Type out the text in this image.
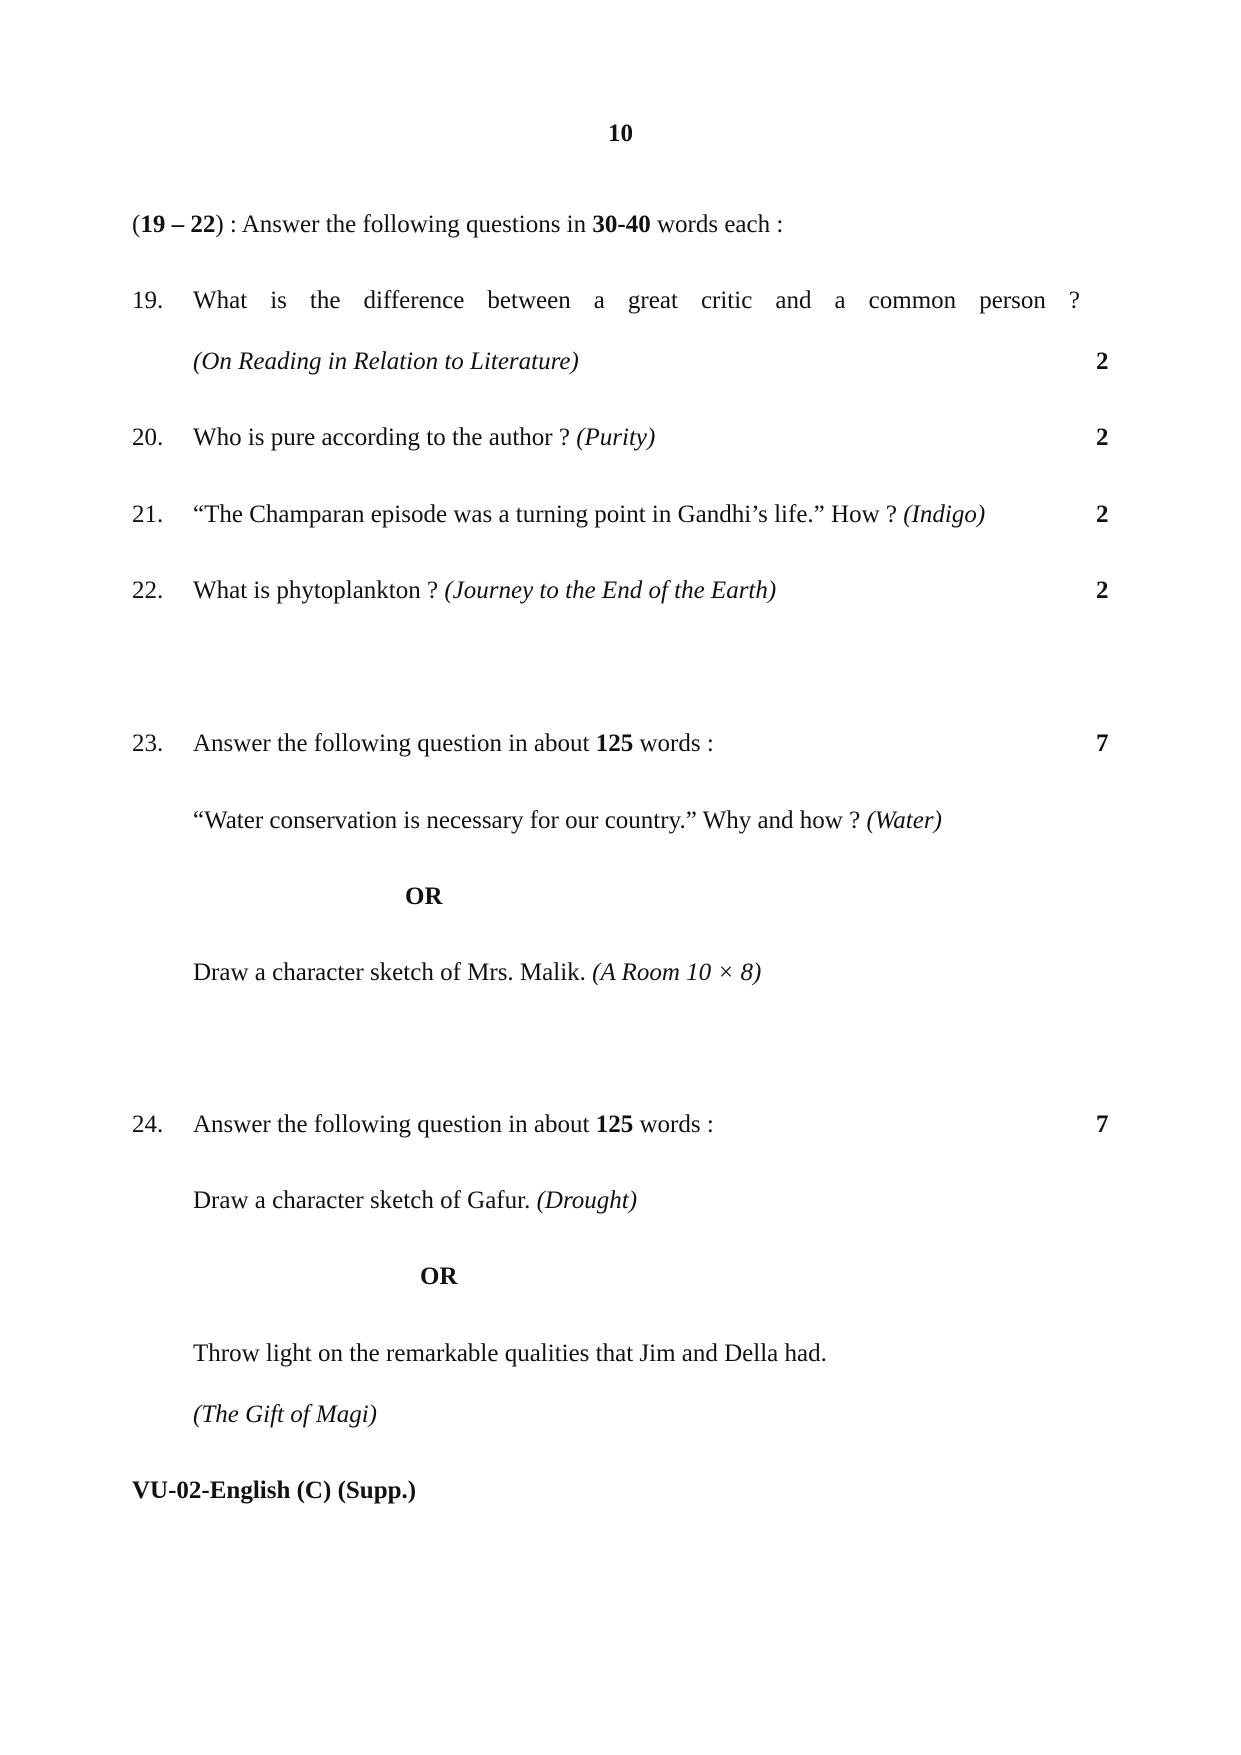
10
(19 – 22) : Answer the following questions in 30-40 words each :
19. What is the difference between a great critic and a common person ?
(On Reading in Relation to Literature)	2
20. Who is pure according to the author ? (Purity)	2
21. “The Champaran episode was a turning point in Gandhi’s life.” How ? (Indigo)	2
22. What is phytoplankton ? (Journey to the End of the Earth)	2
23. Answer the following question in about 125 words :	7
“Water conservation is necessary for our country.” Why and how ? (Water)
OR
Draw a character sketch of Mrs. Malik. (A Room 10 × 8)
24. Answer the following question in about 125 words :	7
Draw a character sketch of Gafur. (Drought)
OR
Throw light on the remarkable qualities that Jim and Della had.
(The Gift of Magi)
VU-02-English (C) (Supp.)
